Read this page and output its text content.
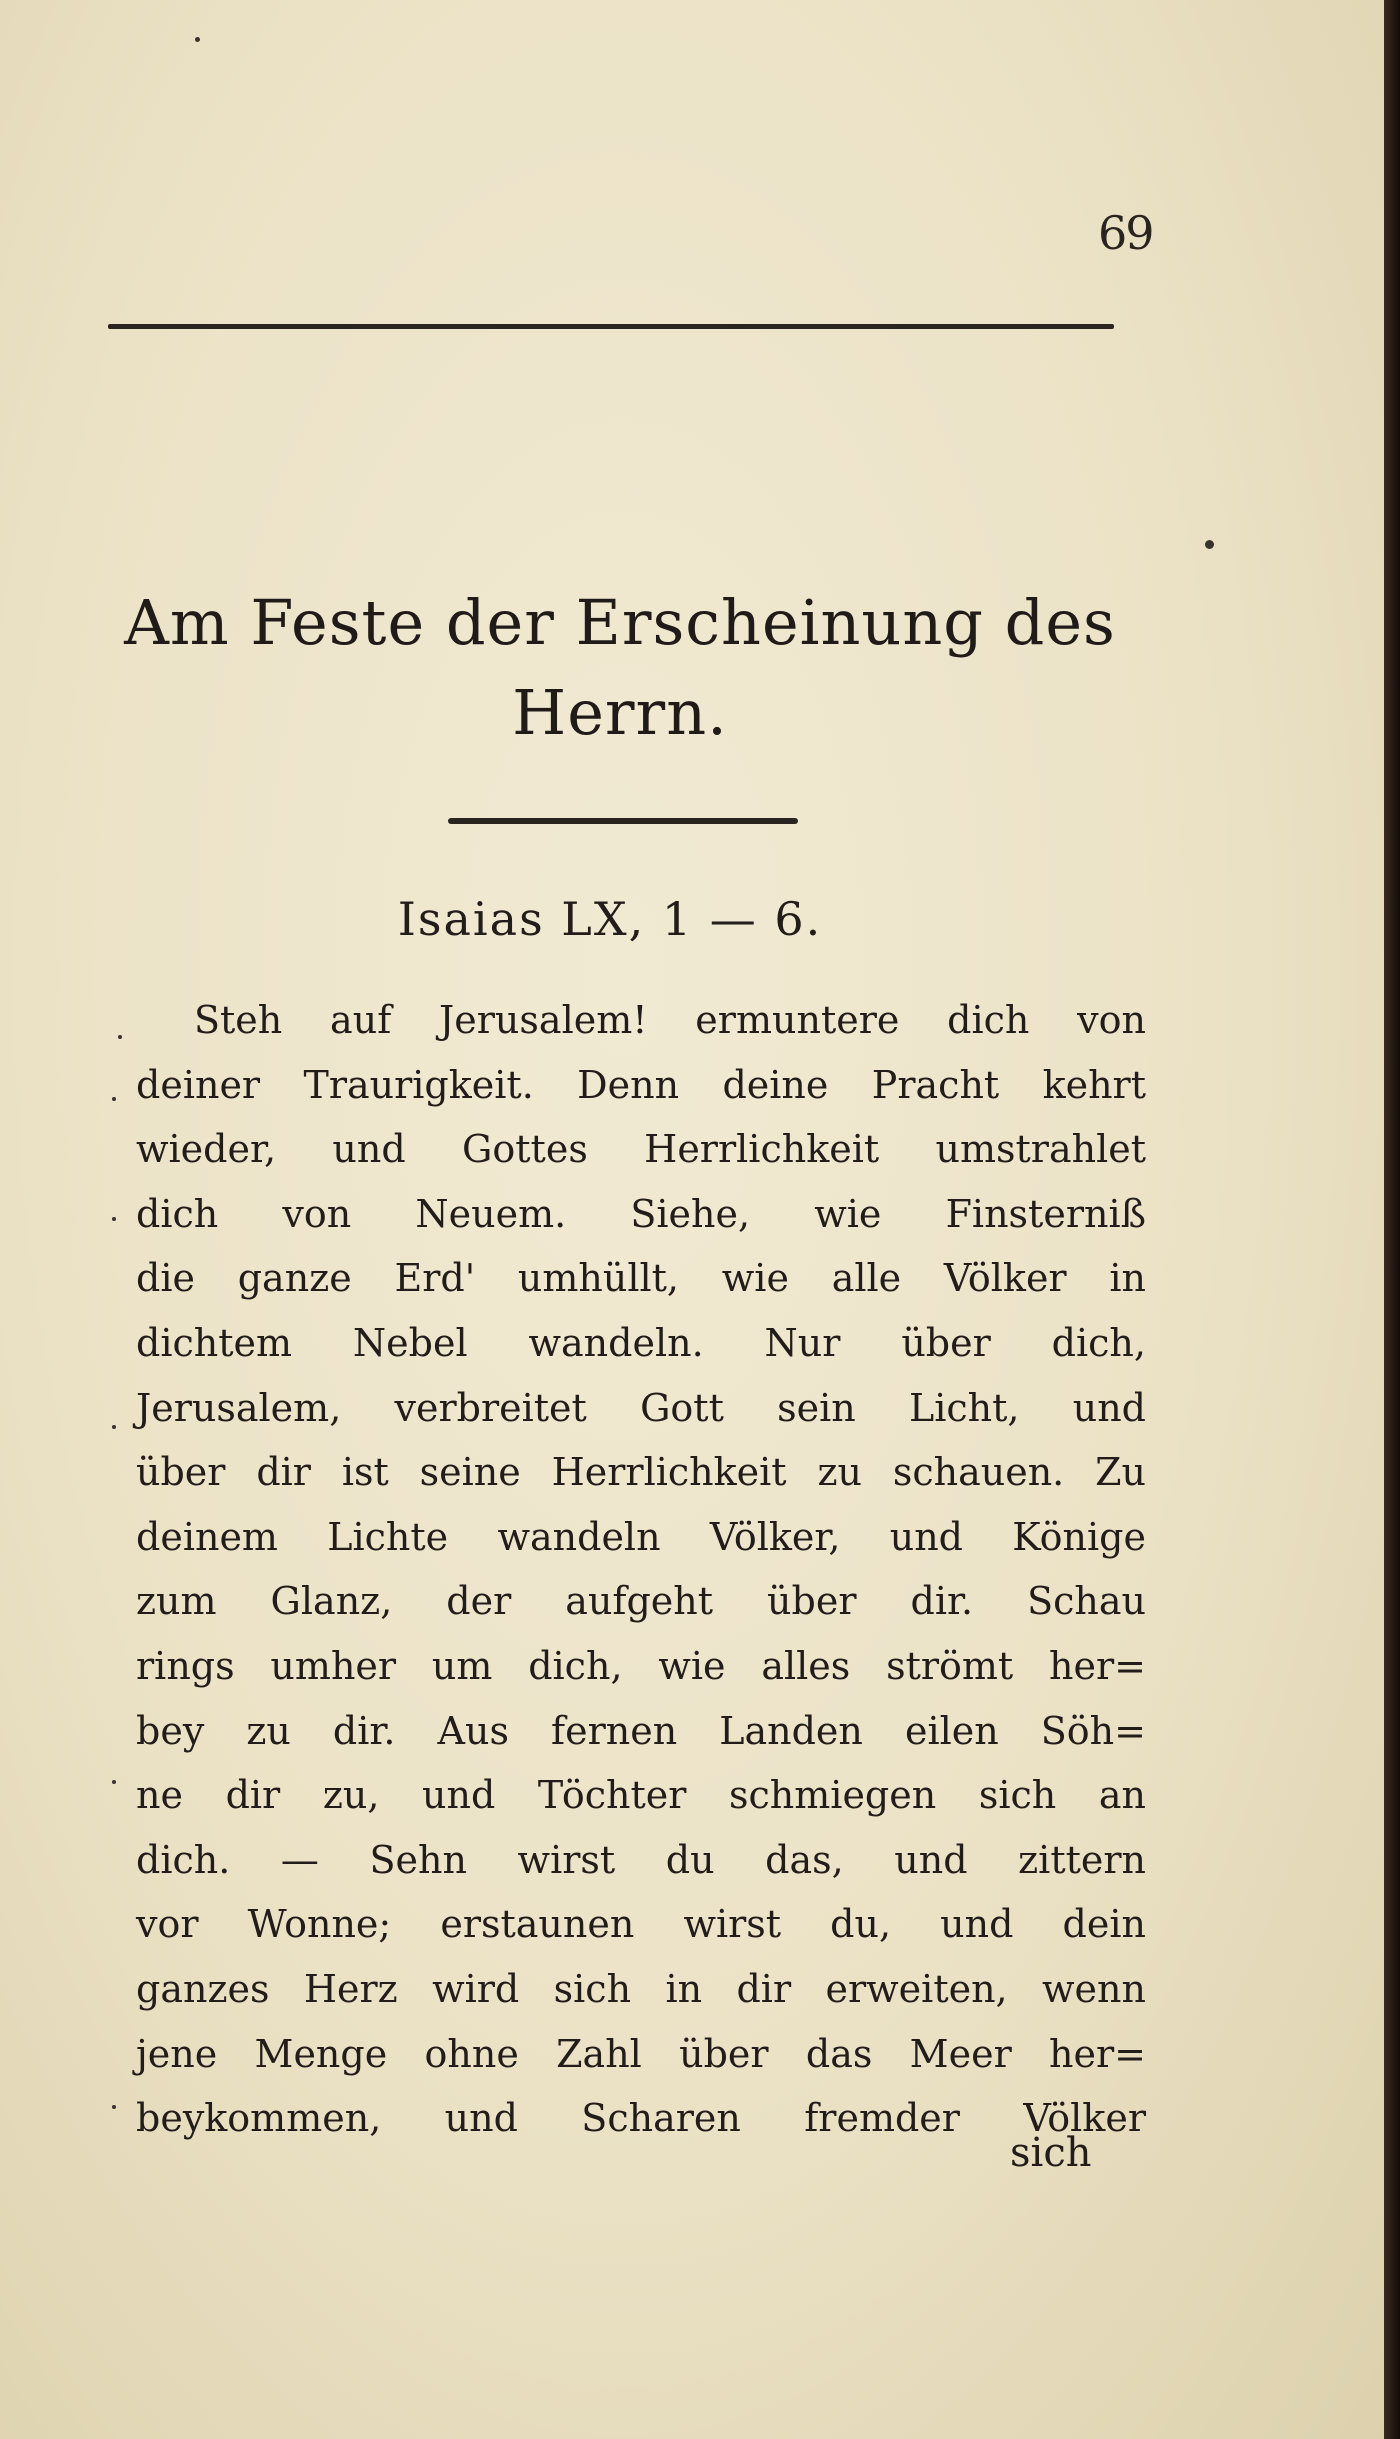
69
Am Feste der Erscheinung des
Herrn.
Isaias LX, 1 — 6.
Steh auf Jerusalem! ermuntere dich von
deiner Traurigkeit. Denn deine Pracht kehrt
wieder, und Gottes Herrlichkeit umstrahlet
dich von Neuem. Siehe, wie Finsterniß
die ganze Erd' umhüllt, wie alle Völker in
dichtem Nebel wandeln. Nur über dich,
Jerusalem, verbreitet Gott sein Licht, und
über dir ist seine Herrlichkeit zu schauen. Zu
deinem Lichte wandeln Völker, und Könige
zum Glanz, der aufgeht über dir. Schau
rings umher um dich, wie alles strömt her=
bey zu dir. Aus fernen Landen eilen Söh=
ne dir zu, und Töchter schmiegen sich an
dich. — Sehn wirst du das, und zittern
vor Wonne; erstaunen wirst du, und dein
ganzes Herz wird sich in dir erweiten, wenn
jene Menge ohne Zahl über das Meer her=
beykommen, und Scharen fremder Völker
sich
